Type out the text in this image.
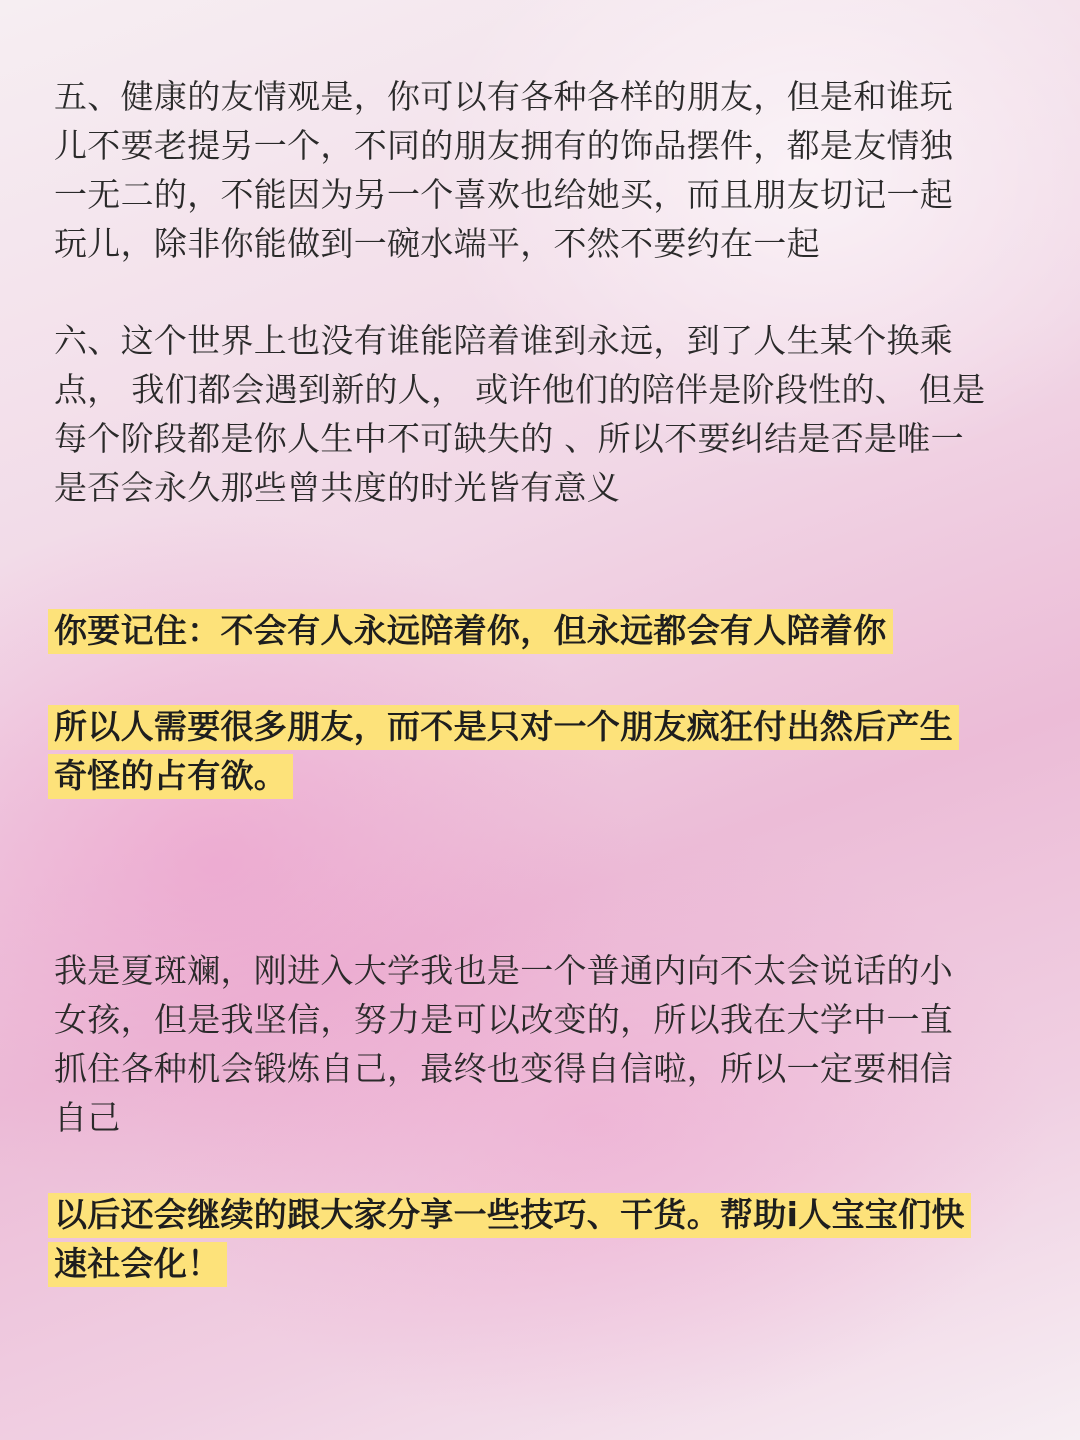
五、健康的友情观是，你可以有各种各样的朋友，但是和谁玩
儿不要老提另一个，不同的朋友拥有的饰品摆件，都是友情独
一无二的，不能因为另一个喜欢也给她买，而且朋友切记一起
玩儿，除非你能做到一碗水端平，不然不要约在一起
六、这个世界上也没有谁能陪着谁到永远，到了人生某个换乘
点， 我们都会遇到新的人， 或许他们的陪伴是阶段性的、 但是
每个阶段都是你人生中不可缺失的 、所以不要纠结是否是唯一
是否会永久那些曾共度的时光皆有意义
你要记住：不会有人永远陪着你，但永远都会有人陪着你
所以人需要很多朋友，而不是只对一个朋友疯狂付出然后产生
奇怪的占有欲。
我是夏斑斓，刚进入大学我也是一个普通内向不太会说话的小
女孩，但是我坚信，努力是可以改变的，所以我在大学中一直
抓住各种机会锻炼自己，最终也变得自信啦，所以一定要相信
自己
以后还会继续的跟大家分享一些技巧、干货。帮助i人宝宝们快
速社会化！
